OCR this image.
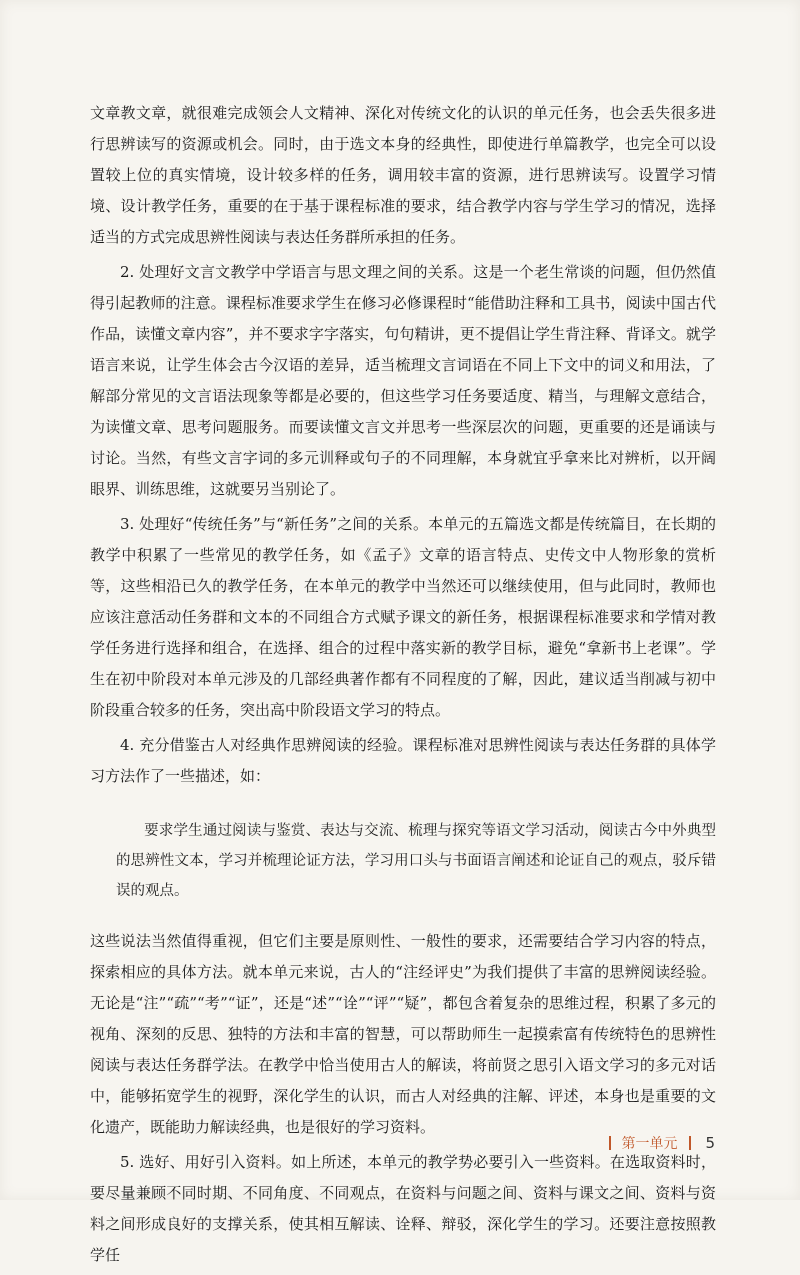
文章教文章，就很难完成领会人文精神、深化对传统文化的认识的单元任务，也会丢失很多进行思辨读写的资源或机会。同时，由于选文本身的经典性，即使进行单篇教学，也完全可以设置较上位的真实情境，设计较多样的任务，调用较丰富的资源，进行思辨读写。设置学习情境、设计教学任务，重要的在于基于课程标准的要求，结合教学内容与学生学习的情况，选择适当的方式完成思辨性阅读与表达任务群所承担的任务。

2. 处理好文言文教学中学语言与思文理之间的关系。这是一个老生常谈的问题，但仍然值得引起教师的注意。课程标准要求学生在修习必修课程时“能借助注释和工具书，阅读中国古代作品，读懂文章内容”，并不要求字字落实，句句精讲，更不提倡让学生背注释、背译文。就学语言来说，让学生体会古今汉语的差异，适当梳理文言词语在不同上下文中的词义和用法，了解部分常见的文言语法现象等都是必要的，但这些学习任务要适度、精当，与理解文意结合，为读懂文章、思考问题服务。而要读懂文言文并思考一些深层次的问题，更重要的还是诵读与讨论。当然，有些文言字词的多元训释或句子的不同理解，本身就宜乎拿来比对辨析，以开阔眼界、训练思维，这就要另当别论了。

3. 处理好“传统任务”与“新任务”之间的关系。本单元的五篇选文都是传统篇目，在长期的教学中积累了一些常见的教学任务，如《孟子》文章的语言特点、史传文中人物形象的赏析等，这些相沿已久的教学任务，在本单元的教学中当然还可以继续使用，但与此同时，教师也应该注意活动任务群和文本的不同组合方式赋予课文的新任务，根据课程标准要求和学情对教学任务进行选择和组合，在选择、组合的过程中落实新的教学目标，避免“拿新书上老课”。学生在初中阶段对本单元涉及的几部经典著作都有不同程度的了解，因此，建议适当削减与初中阶段重合较多的任务，突出高中阶段语文学习的特点。

4. 充分借鉴古人对经典作思辨阅读的经验。课程标准对思辨性阅读与表达任务群的具体学习方法作了一些描述，如：

要求学生通过阅读与鉴赏、表达与交流、梳理与探究等语文学习活动，阅读古今中外典型的思辨性文本，学习并梳理论证方法，学习用口头与书面语言阐述和论证自己的观点，驳斥错误的观点。

这些说法当然值得重视，但它们主要是原则性、一般性的要求，还需要结合学习内容的特点，探索相应的具体方法。就本单元来说，古人的“注经评史”为我们提供了丰富的思辨阅读经验。无论是“注”“疏”“考”“证”，还是“述”“诠”“评”“疑”，都包含着复杂的思维过程，积累了多元的视角、深刻的反思、独特的方法和丰富的智慧，可以帮助师生一起摸索富有传统特色的思辨性阅读与表达任务群学法。在教学中恰当使用古人的解读，将前贤之思引入语文学习的多元对话中，能够拓宽学生的视野，深化学生的认识，而古人对经典的注解、评述，本身也是重要的文化遗产，既能助力解读经典，也是很好的学习资料。

5. 选好、用好引入资料。如上所述，本单元的教学势必要引入一些资料。在选取资料时，要尽量兼顾不同时期、不同角度、不同观点，在资料与问题之间、资料与课文之间、资料与资料之间形成良好的支撑关系，使其相互解读、诠释、辩驳，深化学生的学习。还要注意按照教学任

第一单元 5
